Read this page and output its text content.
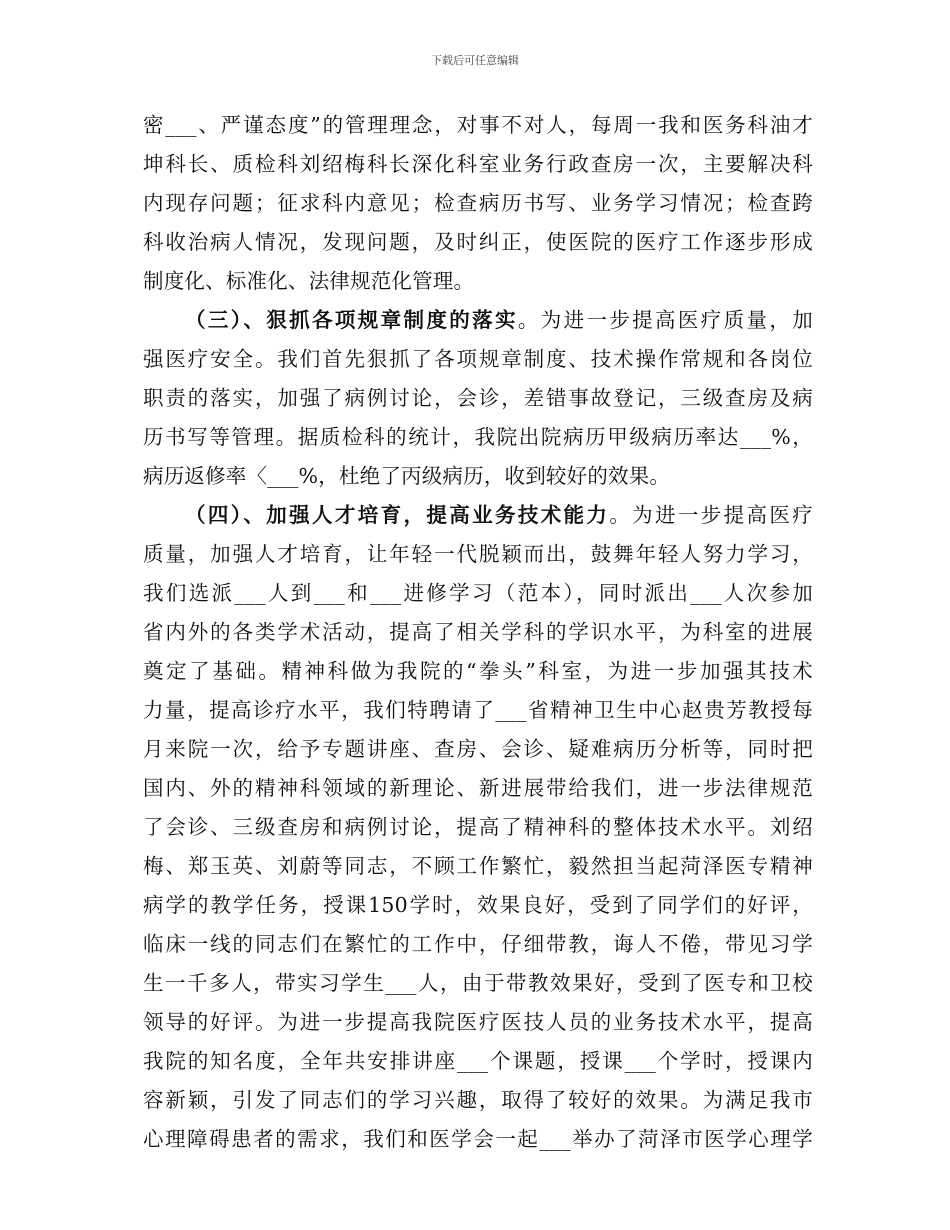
下载后可任意编辑
密___、严谨态度”的管理理念，对事不对人，每周一我和医务科油才
坤科长、质检科刘绍梅科长深化科室业务行政查房一次，主要解决科
内现存问题；征求科内意见；检查病历书写、业务学习情况；检查跨
科收治病人情况，发现问题，及时纠正，使医院的医疗工作逐步形成
制度化、标准化、法律规范化管理。
（三）、狠抓各项规章制度的落实。为进一步提高医疗质量，加
强医疗安全。我们首先狠抓了各项规章制度、技术操作常规和各岗位
职责的落实，加强了病例讨论，会诊，差错事故登记，三级查房及病
历书写等管理。据质检科的统计，我院出院病历甲级病历率达___%，
病历返修率〈___%，杜绝了丙级病历，收到较好的效果。
（四）、加强人才培育，提高业务技术能力。为进一步提高医疗
质量，加强人才培育，让年轻一代脱颖而出，鼓舞年轻人努力学习，
我们选派___人到___和___进修学习（范本），同时派出___人次参加
省内外的各类学术活动，提高了相关学科的学识水平，为科室的进展
奠定了基础。精神科做为我院的“拳头”科室，为进一步加强其技术
力量，提高诊疗水平，我们特聘请了___省精神卫生中心赵贵芳教授每
月来院一次，给予专题讲座、查房、会诊、疑难病历分析等，同时把
国内、外的精神科领域的新理论、新进展带给我们，进一步法律规范
了会诊、三级查房和病例讨论，提高了精神科的整体技术水平。刘绍
梅、郑玉英、刘蔚等同志，不顾工作繁忙，毅然担当起菏泽医专精神
病学的教学任务，授课150学时，效果良好，受到了同学们的好评，
临床一线的同志们在繁忙的工作中，仔细带教，诲人不倦，带见习学
生一千多人，带实习学生___人，由于带教效果好，受到了医专和卫校
领导的好评。为进一步提高我院医疗医技人员的业务技术水平，提高
我院的知名度，全年共安排讲座___个课题，授课___个学时，授课内
容新颖，引发了同志们的学习兴趣，取得了较好的效果。为满足我市
心理障碍患者的需求，我们和医学会一起___举办了菏泽市医学心理学
